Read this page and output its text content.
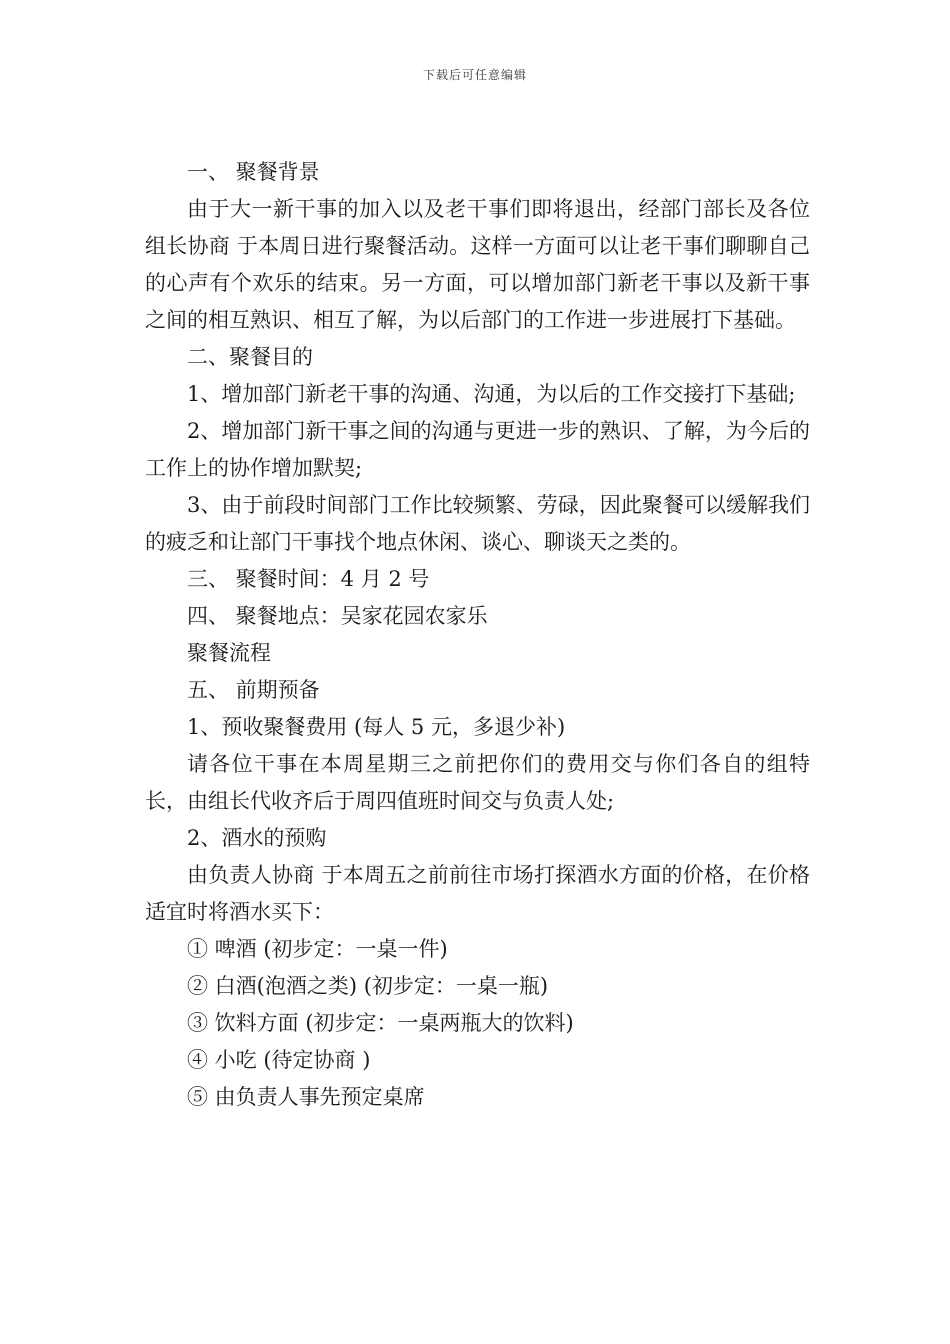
下载后可任意编辑

一、 聚餐背景

由于大一新干事的加入以及老干事们即将退出，经部门部长及各位组长协商 于本周日进行聚餐活动。这样一方面可以让老干事们聊聊自己的心声有个欢乐的结束。另一方面，可以增加部门新老干事以及新干事之间的相互熟识、相互了解，为以后部门的工作进一步进展打下基础。

二、聚餐目的

1、增加部门新老干事的沟通、沟通，为以后的工作交接打下基础;

2、增加部门新干事之间的沟通与更进一步的熟识、了解，为今后的工作上的协作增加默契;

3、由于前段时间部门工作比较频繁、劳碌，因此聚餐可以缓解我们的疲乏和让部门干事找个地点休闲、谈心、聊谈天之类的。

三、 聚餐时间：4 月 2 号

四、 聚餐地点：吴家花园农家乐

聚餐流程

五、 前期预备

1、预收聚餐费用 (每人 5 元，多退少补)

请各位干事在本周星期三之前把你们的费用交与你们各自的组特长，由组长代收齐后于周四值班时间交与负责人处;

2、酒水的预购

由负责人协商 于本周五之前前往市场打探酒水方面的价格，在价格适宜时将酒水买下：

① 啤酒 (初步定：一桌一件)

② 白酒(泡酒之类) (初步定：一桌一瓶)

③ 饮料方面 (初步定：一桌两瓶大的饮料)

④ 小吃 (待定协商 )

⑤ 由负责人事先预定桌席
